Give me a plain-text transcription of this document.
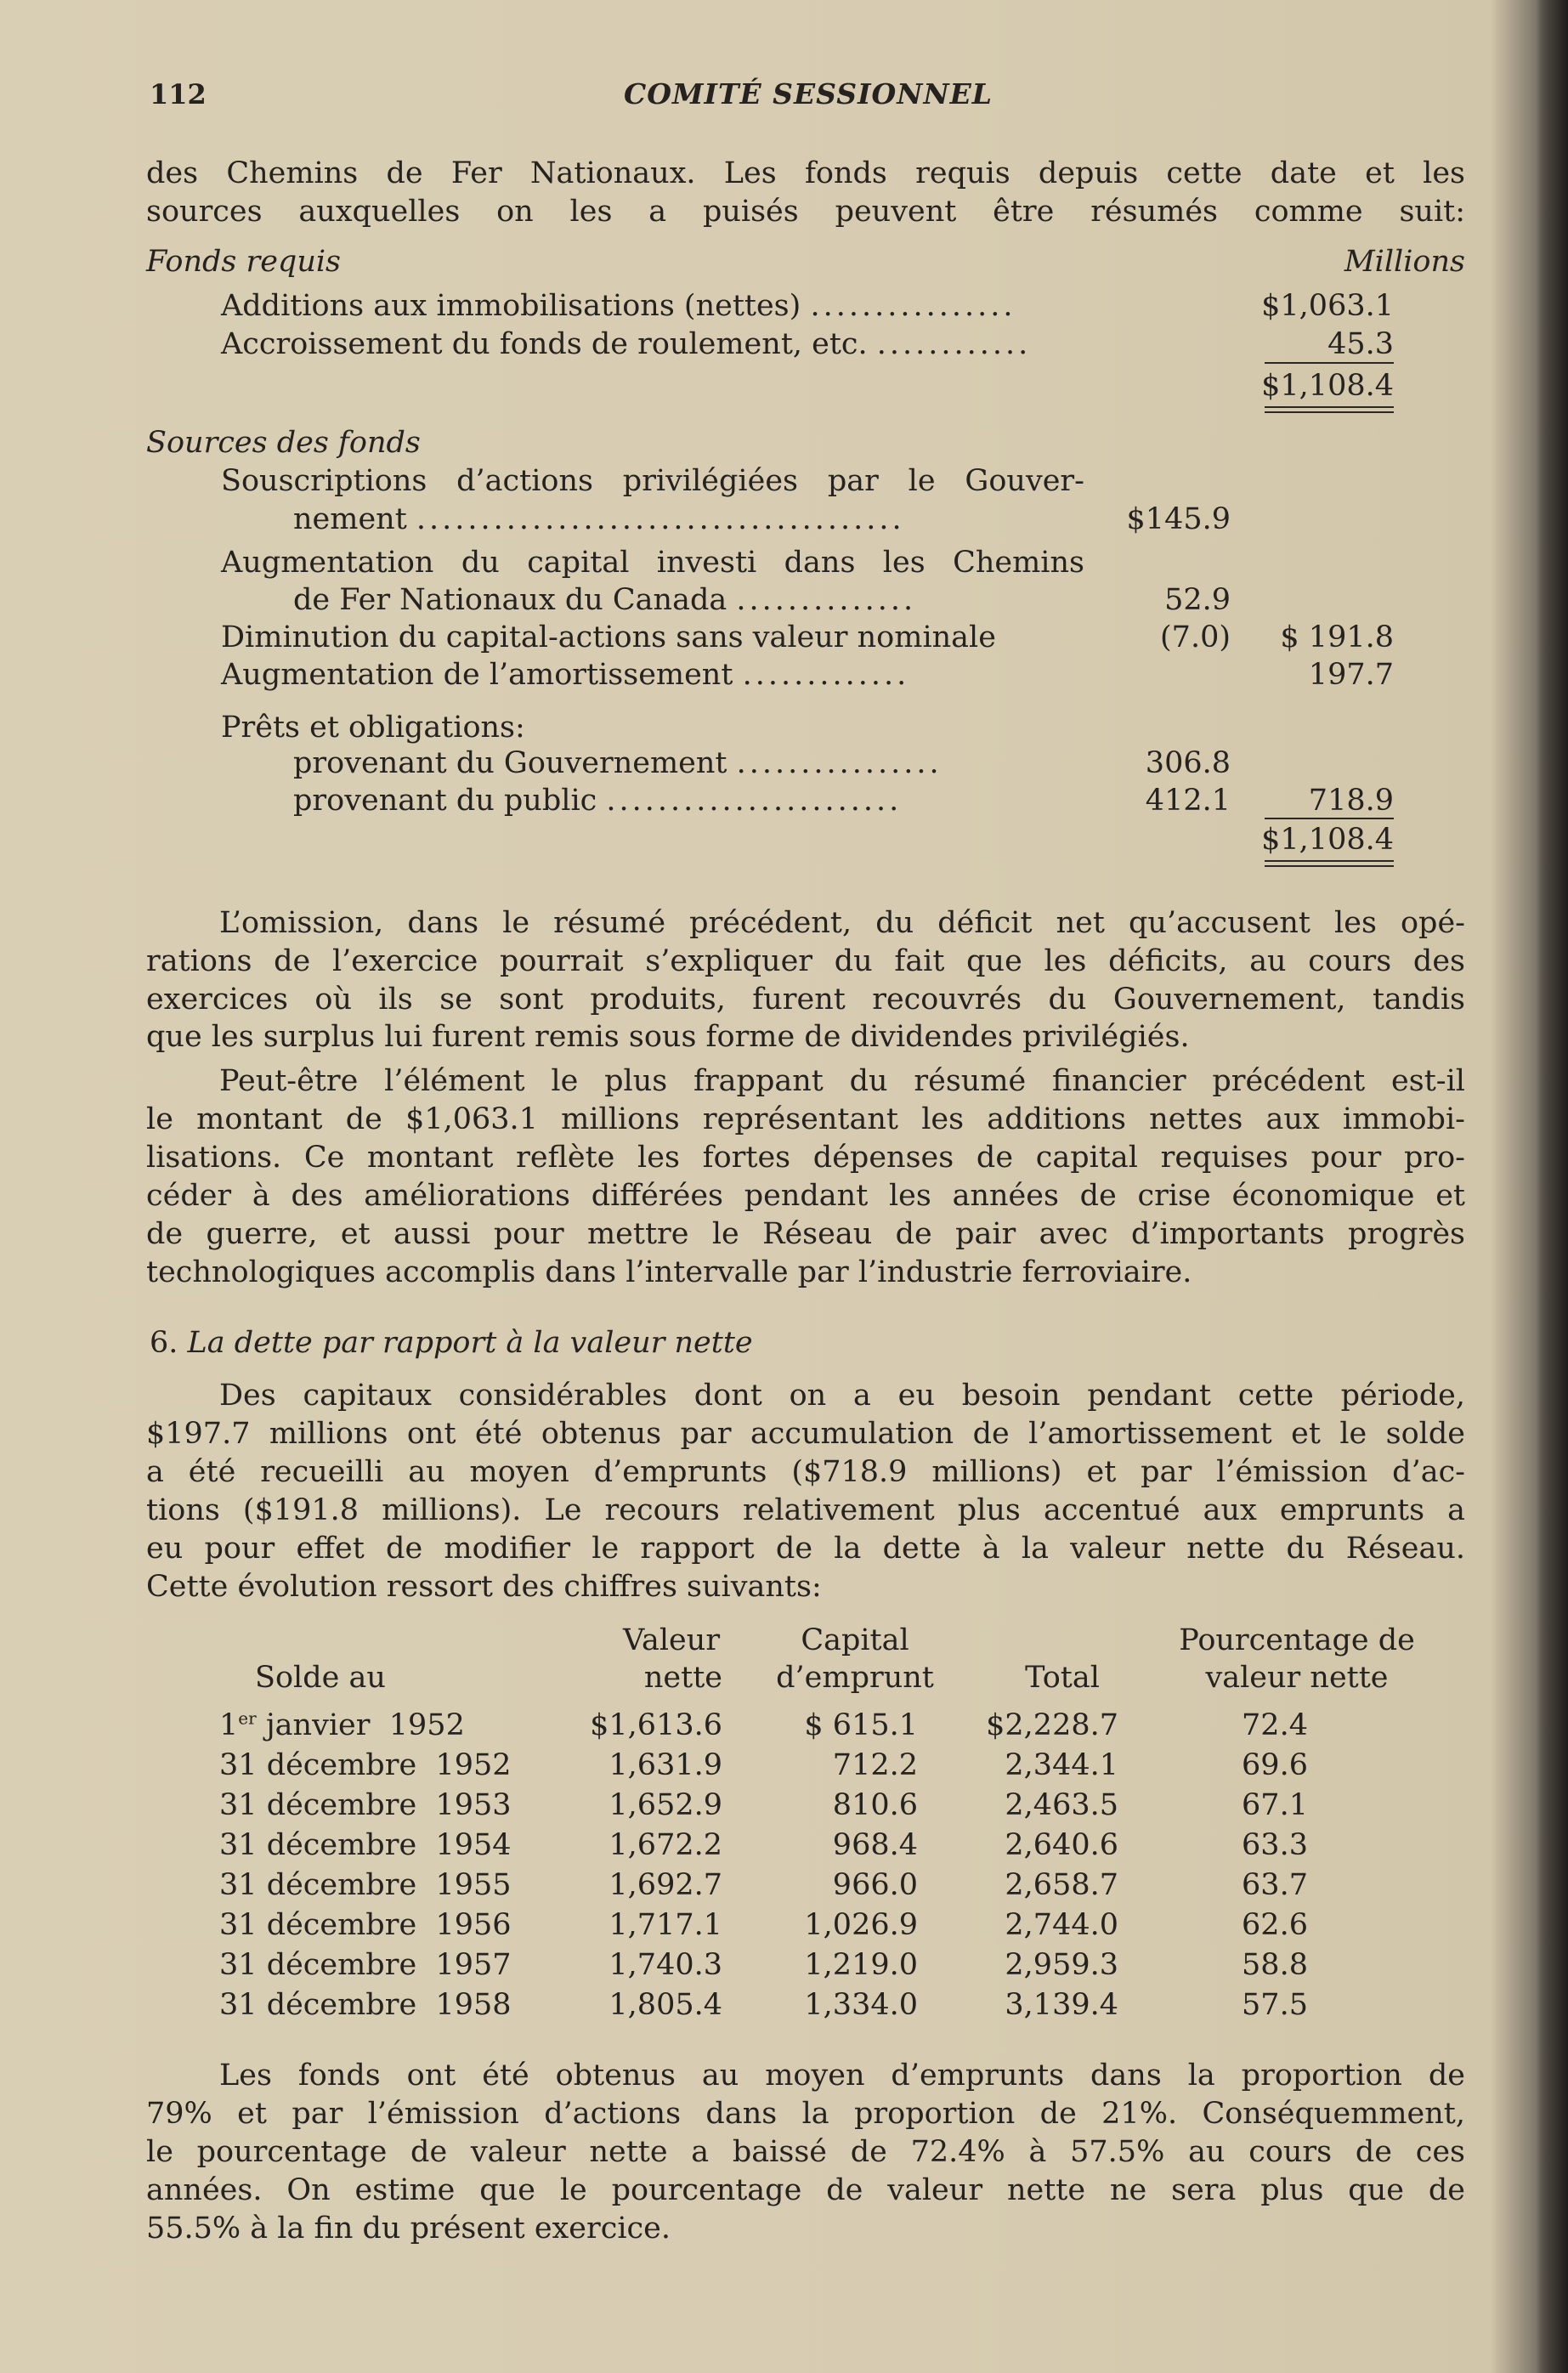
112	COMITÉ SESSIONNEL
des Chemins de Fer Nationaux. Les fonds requis depuis cette date et les
sources auxquelles on les a puisés peuvent être résumés comme suit:
Fonds requis	Millions
Additions aux immobilisations (nettes) ................	$1,063.1
Accroissement du fonds de roulement, etc. ............	45.3
$1,108.4
Sources des fonds
Souscriptions d’actions privilégiées par le Gouver-
nement ......................................	$145.9
Augmentation du capital investi dans les Chemins
de Fer Nationaux du Canada ..............	52.9
Diminution du capital-actions sans valeur nominale	(7.0)	$ 191.8
Augmentation de l’amortissement .............	197.7
Prêts et obligations:
provenant du Gouvernement ................	306.8
provenant du public .......................	412.1	718.9
$1,108.4
L’omission, dans le résumé précédent, du déficit net qu’accusent les opé-
rations de l’exercice pourrait s’expliquer du fait que les déficits, au cours des
exercices où ils se sont produits, furent recouvrés du Gouvernement, tandis
que les surplus lui furent remis sous forme de dividendes privilégiés.
Peut-être l’élément le plus frappant du résumé financier précédent est-il
le montant de $1,063.1 millions représentant les additions nettes aux immobi-
lisations. Ce montant reflète les fortes dépenses de capital requises pour pro-
céder à des améliorations différées pendant les années de crise économique et
de guerre, et aussi pour mettre le Réseau de pair avec d’importants progrès
technologiques accomplis dans l’intervalle par l’industrie ferroviaire.
6. La dette par rapport à la valeur nette
Des capitaux considérables dont on a eu besoin pendant cette période,
$197.7 millions ont été obtenus par accumulation de l’amortissement et le solde
a été recueilli au moyen d’emprunts ($718.9 millions) et par l’émission d’ac-
tions ($191.8 millions). Le recours relativement plus accentué aux emprunts a
eu pour effet de modifier le rapport de la dette à la valeur nette du Réseau.
Cette évolution ressort des chiffres suivants:
Valeur	Capital	Pourcentage de
Solde au	nette	d’emprunt	Total	valeur nette
1er janvier 1952	$1,613.6	$ 615.1	$2,228.7	72.4
31 décembre 1952	1,631.9	712.2	2,344.1	69.6
31 décembre 1953	1,652.9	810.6	2,463.5	67.1
31 décembre 1954	1,672.2	968.4	2,640.6	63.3
31 décembre 1955	1,692.7	966.0	2,658.7	63.7
31 décembre 1956	1,717.1	1,026.9	2,744.0	62.6
31 décembre 1957	1,740.3	1,219.0	2,959.3	58.8
31 décembre 1958	1,805.4	1,334.0	3,139.4	57.5
Les fonds ont été obtenus au moyen d’emprunts dans la proportion de
79% et par l’émission d’actions dans la proportion de 21%. Conséquemment,
le pourcentage de valeur nette a baissé de 72.4% à 57.5% au cours de ces
années. On estime que le pourcentage de valeur nette ne sera plus que de
55.5% à la fin du présent exercice.
